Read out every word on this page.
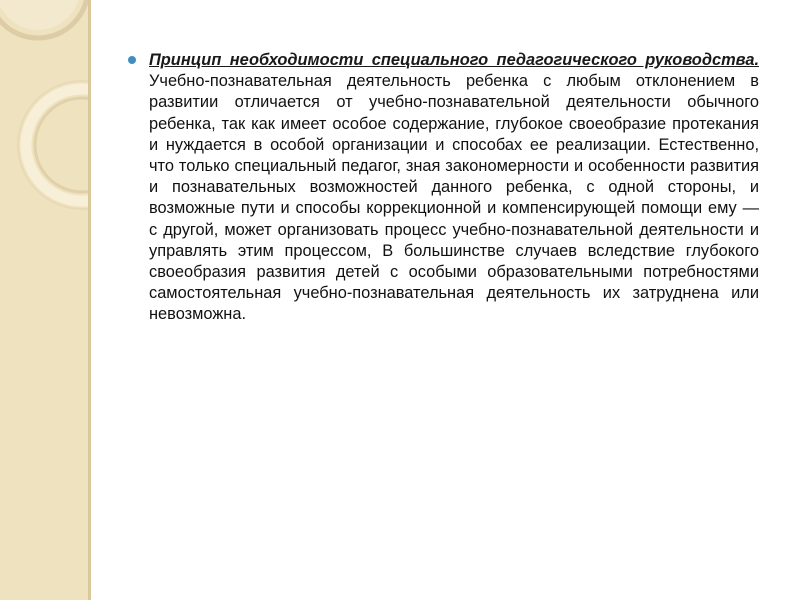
Принцип необходимости специального педагогического руководства. Учебно-познавательная деятельность ребенка с любым отклонением в развитии отличается от учебно-познавательной деятельности обычного ребенка, так как имеет особое содержание, глубокое своеобразие протекания и нуждается в особой организации и способах ее реализации. Естественно, что только специальный педагог, зная закономерности и особенности развития и познавательных возможностей данного ребенка, с одной стороны, и возможные пути и способы коррекционной и компенсирующей помощи ему — с другой, может организовать процесс учебно-познавательной деятельности и управлять этим процессом, В большинстве случаев вследствие глубокого своеобразия развития детей с особыми образовательными потребностями самостоятельная учебно-познавательная деятельность их затруднена или невозможна.
